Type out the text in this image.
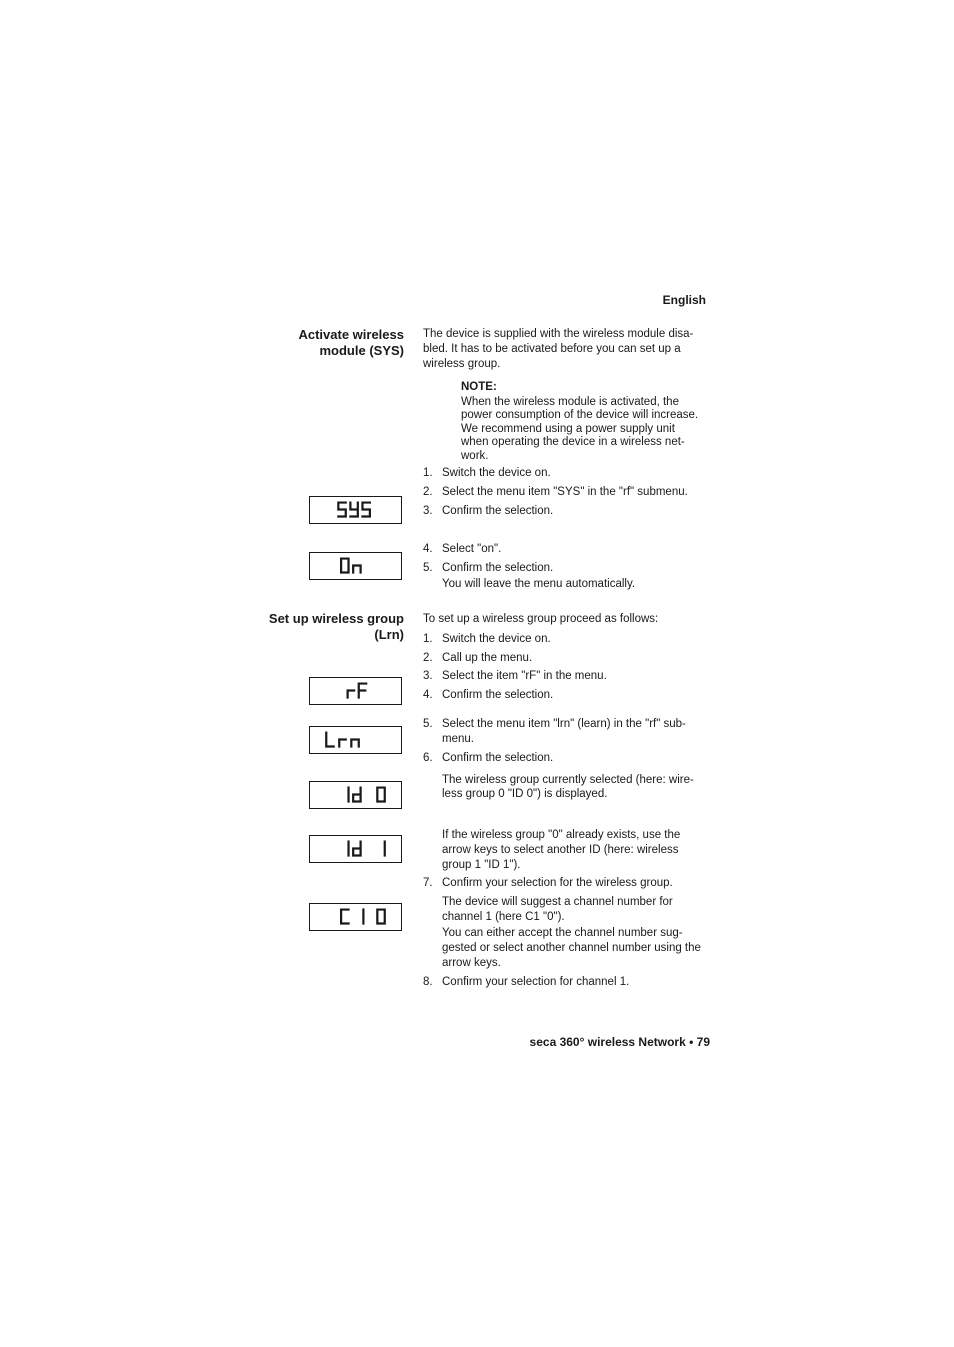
English
Activate wireless
module (SYS)
The device is supplied with the wireless module disa-
bled. It has to be activated before you can set up a
wireless group.
NOTE:
When the wireless module is activated, the
power consumption of the device will increase.
We recommend using a power supply unit
when operating the device in a wireless net-
work.
1. Switch the device on.
2. Select the menu item "SYS" in the "rf" submenu.
3. Confirm the selection.
4. Select "on".
5. Confirm the selection.
You will leave the menu automatically.
Set up wireless group
(Lrn)
To set up a wireless group proceed as follows:
1. Switch the device on.
2. Call up the menu.
3. Select the item "rF" in the menu.
4. Confirm the selection.
5. Select the menu item "lrn" (learn) in the "rf" sub-
menu.
6. Confirm the selection.
The wireless group currently selected (here: wire-
less group 0 "ID 0") is displayed.
If the wireless group "0" already exists, use the
arrow keys to select another ID (here: wireless
group 1 "ID 1").
7. Confirm your selection for the wireless group.
The device will suggest a channel number for
channel 1 (here C1 "0").
You can either accept the channel number sug-
gested or select another channel number using the
arrow keys.
8. Confirm your selection for channel 1.
seca 360° wireless Network • 79
